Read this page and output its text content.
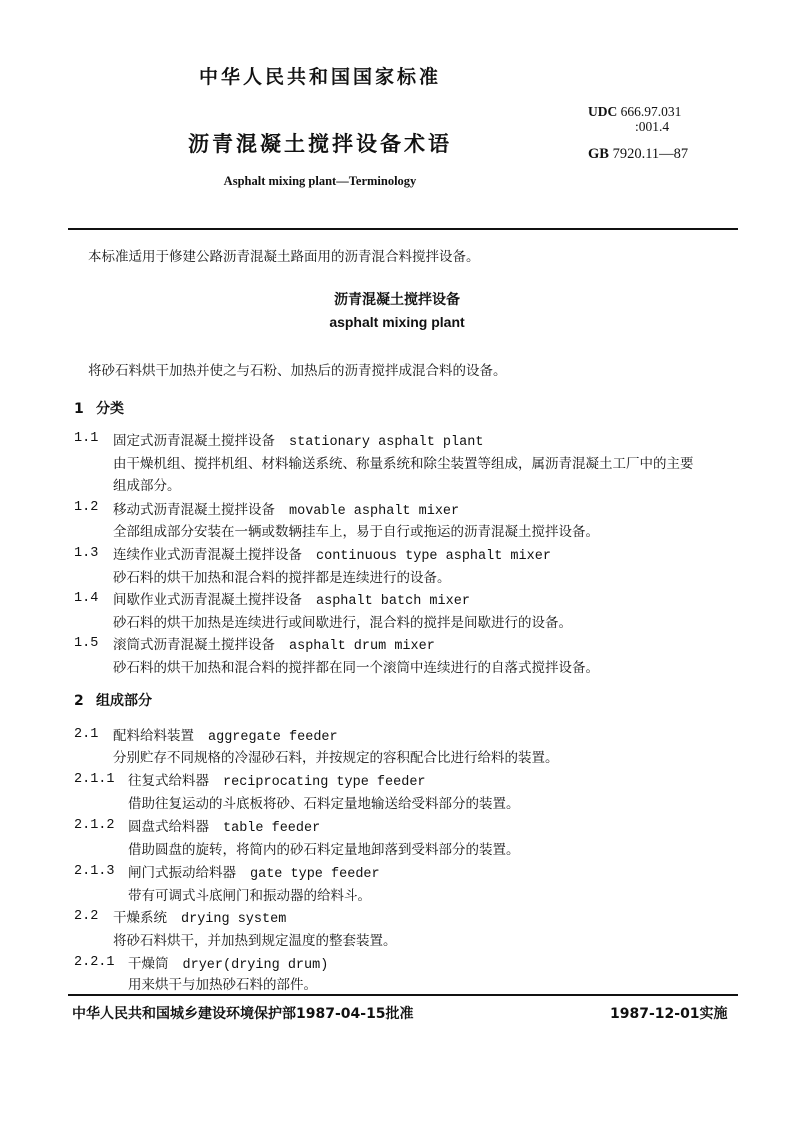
中华人民共和国国家标准
沥青混凝土搅拌设备术语
Asphalt mixing plant—Terminology
UDC 666.97.031
:001.4
GB 7920.11—87
本标准适用于修建公路沥青混凝土路面用的沥青混合料搅拌设备。
沥青混凝土搅拌设备
asphalt mixing plant
将砂石料烘干加热并使之与石粉、加热后的沥青搅拌成混合料的设备。
1 分类
1.1 固定式沥青混凝土搅拌设备 stationary asphalt plant
由干燥机组、搅拌机组、材料输送系统、称量系统和除尘装置等组成，属沥青混凝土工厂中的主要
组成部分。
1.2 移动式沥青混凝土搅拌设备 movable asphalt mixer
全部组成部分安装在一辆或数辆挂车上，易于自行或拖运的沥青混凝土搅拌设备。
1.3 连续作业式沥青混凝土搅拌设备 continuous type asphalt mixer
砂石料的烘干加热和混合料的搅拌都是连续进行的设备。
1.4 间歇作业式沥青混凝土搅拌设备 asphalt batch mixer
砂石料的烘干加热是连续进行或间歇进行，混合料的搅拌是间歇进行的设备。
1.5 滚筒式沥青混凝土搅拌设备 asphalt drum mixer
砂石料的烘干加热和混合料的搅拌都在同一个滚筒中连续进行的自落式搅拌设备。
2 组成部分
2.1 配料给料装置 aggregate feeder
分别贮存不同规格的冷湿砂石料，并按规定的容积配合比进行给料的装置。
2.1.1 往复式给料器 reciprocating type feeder
借助往复运动的斗底板将砂、石料定量地输送给受料部分的装置。
2.1.2 圆盘式给料器 table feeder
借助圆盘的旋转，将简内的砂石料定量地卸落到受料部分的装置。
2.1.3 闸门式振动给料器 gate type feeder
带有可调式斗底闸门和振动器的给料斗。
2.2 干燥系统 drying system
将砂石料烘干，并加热到规定温度的整套装置。
2.2.1 干燥筒 dryer(drying drum)
用来烘干与加热砂石料的部件。
中华人民共和国城乡建设环境保护部1987-04-15批准	1987-12-01实施
